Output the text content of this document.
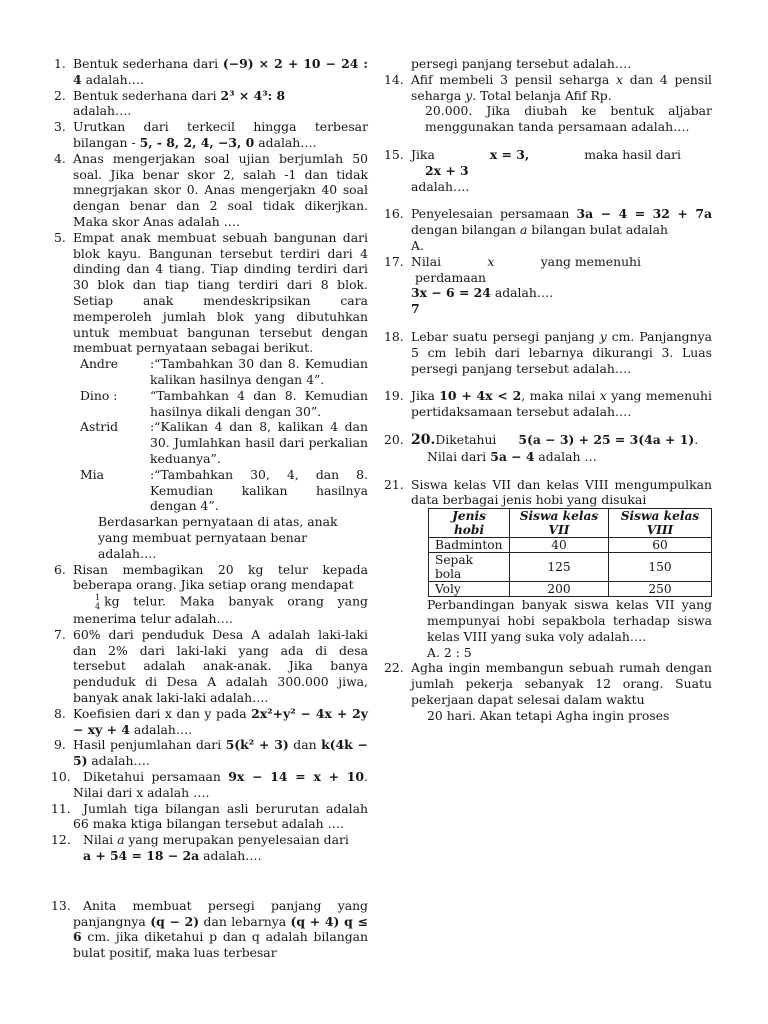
1. Bentuk sederhana dari (−9) × 2 + 10 − 24 : 4 adalah….
2. Bentuk sederhana dari 2³ × 4³: 8
adalah….
3. Urutkan dari terkecil hingga terbesar bilangan - 5, - 8, 2, 4, −3, 0 adalah….
4. Anas mengerjakan soal ujian berjumlah 50 soal. Jika benar skor 2, salah -1 dan tidak mnegrjakan skor 0. Anas mengerjakn 40 soal dengan benar dan 2 soal tidak dikerjkan. Maka skor Anas adalah ….
5. Empat anak membuat sebuah bangunan dari blok kayu. Bangunan tersebut terdiri dari 4 dinding dan 4 tiang. Tiap dinding terdiri dari 30 blok dan tiap tiang terdiri dari 8 blok. Setiap anak mendeskripsikan cara memperoleh jumlah blok yang dibutuhkan untuk membuat bangunan tersebut dengan membuat pernyataan sebagai berikut.
Andre	:“Tambahkan 30 dan 8. Kemudian kalikan hasilnya dengan 4”.
Dino :	“Tambahkan 4 dan 8. Kemudian hasilnya dikali dengan 30”.
Astrid	:“Kalikan 4 dan 8, kalikan 4 dan 30. Jumlahkan hasil dari perkalian keduanya”.
Mia	:“Tambahkan 30, 4, dan 8. Kemudian kalikan hasilnya dengan 4”.
Berdasarkan pernyataan di atas, anak yang membuat pernyataan benar adalah….
6. Risan membagikan 20 kg telur kepada beberapa orang. Jika setiap orang mendapat

1
4 kg telur. Maka banyak orang yang menerima telur adalah….
7. 60% dari penduduk Desa A adalah laki-laki dan 2% dari laki-laki yang ada di desa tersebut adalah anak-anak. Jika banya penduduk di Desa A adalah 300.000 jiwa, banyak anak laki-laki adalah….
8. Koefisien dari x dan y pada 2x²+y² − 4x + 2y − xy + 4 adalah….
9. Hasil penjumlahan dari 5(k² + 3) dan k(4k − 5) adalah….
10. Diketahui persamaan 9x − 14 = x + 10. Nilai dari x adalah ….
11. Jumlah tiga bilangan asli berurutan adalah 66 maka ktiga bilangan tersebut adalah ….
12. Nilai a yang merupakan penyelesaian dari
a + 54 = 18 − 2a adalah….
13. Anita membuat persegi panjang yang panjangnya (q − 2) dan lebarnya (q + 4) q ≤ 6 cm. jika diketahui p dan q adalah bilangan bulat positif, maka luas terbesar
persegi panjang tersebut adalah….
14. Afif membeli 3 pensil seharga x dan 4 pensil seharga y. Total belanja Afif Rp.

20.000. Jika diubah ke bentuk aljabar menggunakan tanda persamaan adalah….
15. Jika	x = 3,	maka hasil dari
2x + 3
adalah….
16. Penyelesaian persamaan 3a − 4 = 32 + 7a dengan bilangan a bilangan bulat adalah
A.
17. Nilai	x	yang memenuhi
perdamaan
3x − 6 = 24 adalah….
7
18. Lebar suatu persegi panjang y cm. Panjangnya 5 cm lebih dari lebarnya dikurangi 3. Luas persegi panjang tersebut adalah….
19. Jika 10 + 4x < 2, maka nilai x yang memenuhi pertidaksamaan tersebut adalah….
20. 20.Diketahui 5(a − 3) + 25 = 3(4a + 1).
Nilai dari 5a − 4 adalah …
21. Siswa kelas VII dan kelas VIII mengumpulkan data berbagai jenis hobi yang disukai
Jenis hobi	Siswa kelas VII	Siswa kelas VIII
Badminton	40	60
Sepak bola	125	150
Voly	200	250
Perbandingan banyak siswa kelas VII yang mempunyai hobi sepakbola terhadap siswa kelas VIII yang suka voly adalah….
A. 2 : 5
22. Agha ingin membangun sebuah rumah dengan jumlah pekerja sebanyak 12 orang. Suatu pekerjaan dapat selesai dalam waktu

20 hari. Akan tetapi Agha ingin proses
